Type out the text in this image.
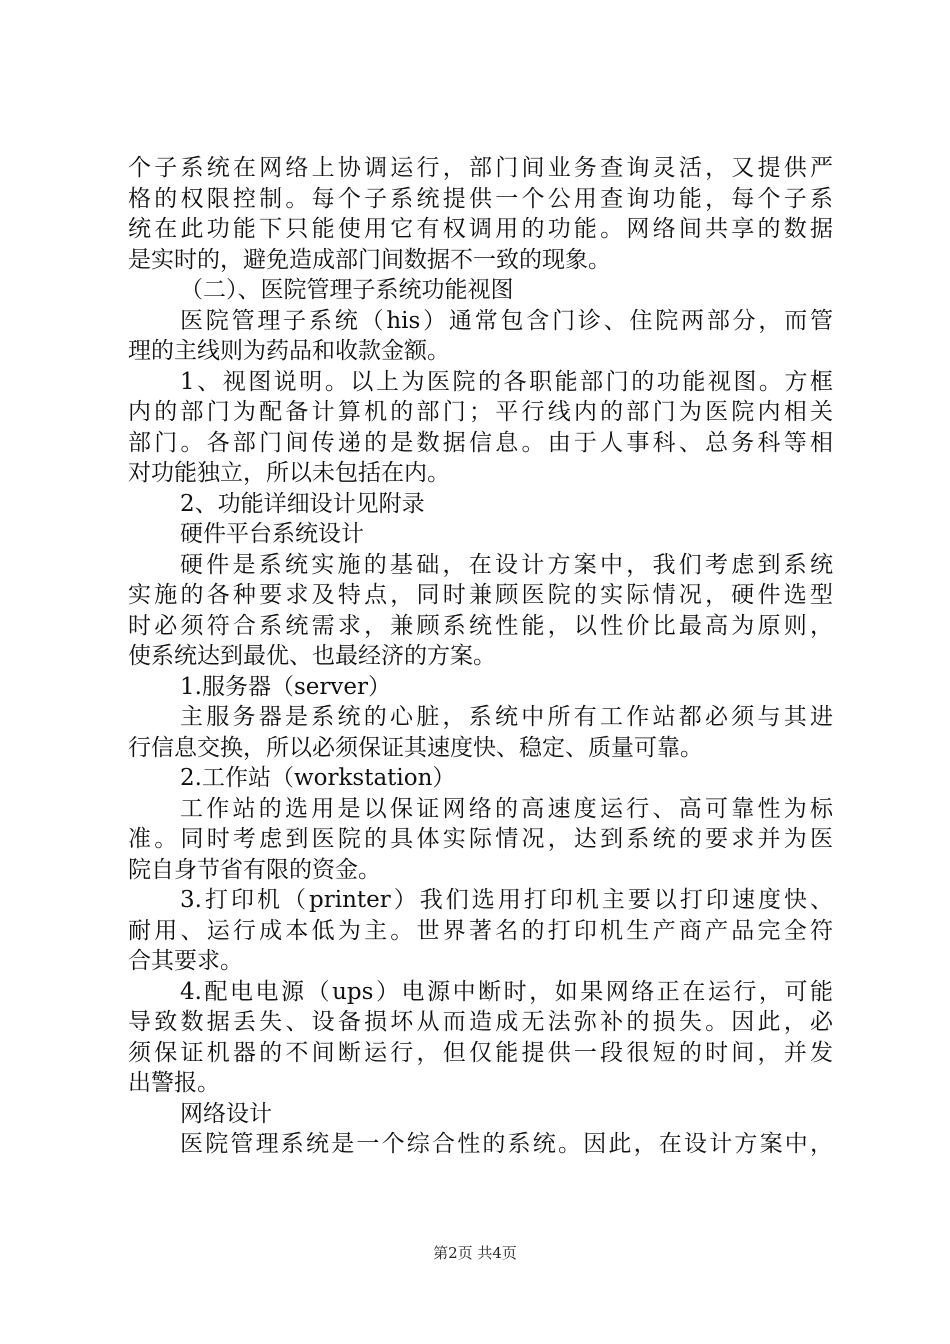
个子系统在网络上协调运行，部门间业务查询灵活，又提供严
格的权限控制。每个子系统提供一个公用查询功能，每个子系
统在此功能下只能使用它有权调用的功能。网络间共享的数据
是实时的，避免造成部门间数据不一致的现象。
（二）、医院管理子系统功能视图
医院管理子系统（his）通常包含门诊、住院两部分，而管
理的主线则为药品和收款金额。
1、视图说明。以上为医院的各职能部门的功能视图。方框
内的部门为配备计算机的部门；平行线内的部门为医院内相关
部门。各部门间传递的是数据信息。由于人事科、总务科等相
对功能独立，所以未包括在内。
2、功能详细设计见附录
硬件平台系统设计
硬件是系统实施的基础，在设计方案中，我们考虑到系统
实施的各种要求及特点，同时兼顾医院的实际情况，硬件选型
时必须符合系统需求，兼顾系统性能，以性价比最高为原则，
使系统达到最优、也最经济的方案。
1.服务器（server）
主服务器是系统的心脏，系统中所有工作站都必须与其进
行信息交换，所以必须保证其速度快、稳定、质量可靠。
2.工作站（workstation）
工作站的选用是以保证网络的高速度运行、高可靠性为标
准。同时考虑到医院的具体实际情况，达到系统的要求并为医
院自身节省有限的资金。
3.打印机（printer）我们选用打印机主要以打印速度快、
耐用、运行成本低为主。世界著名的打印机生产商产品完全符
合其要求。
4.配电电源（ups）电源中断时，如果网络正在运行，可能
导致数据丢失、设备损坏从而造成无法弥补的损失。因此，必
须保证机器的不间断运行，但仅能提供一段很短的时间，并发
出警报。
网络设计
医院管理系统是一个综合性的系统。因此，在设计方案中，
第2页 共4页
